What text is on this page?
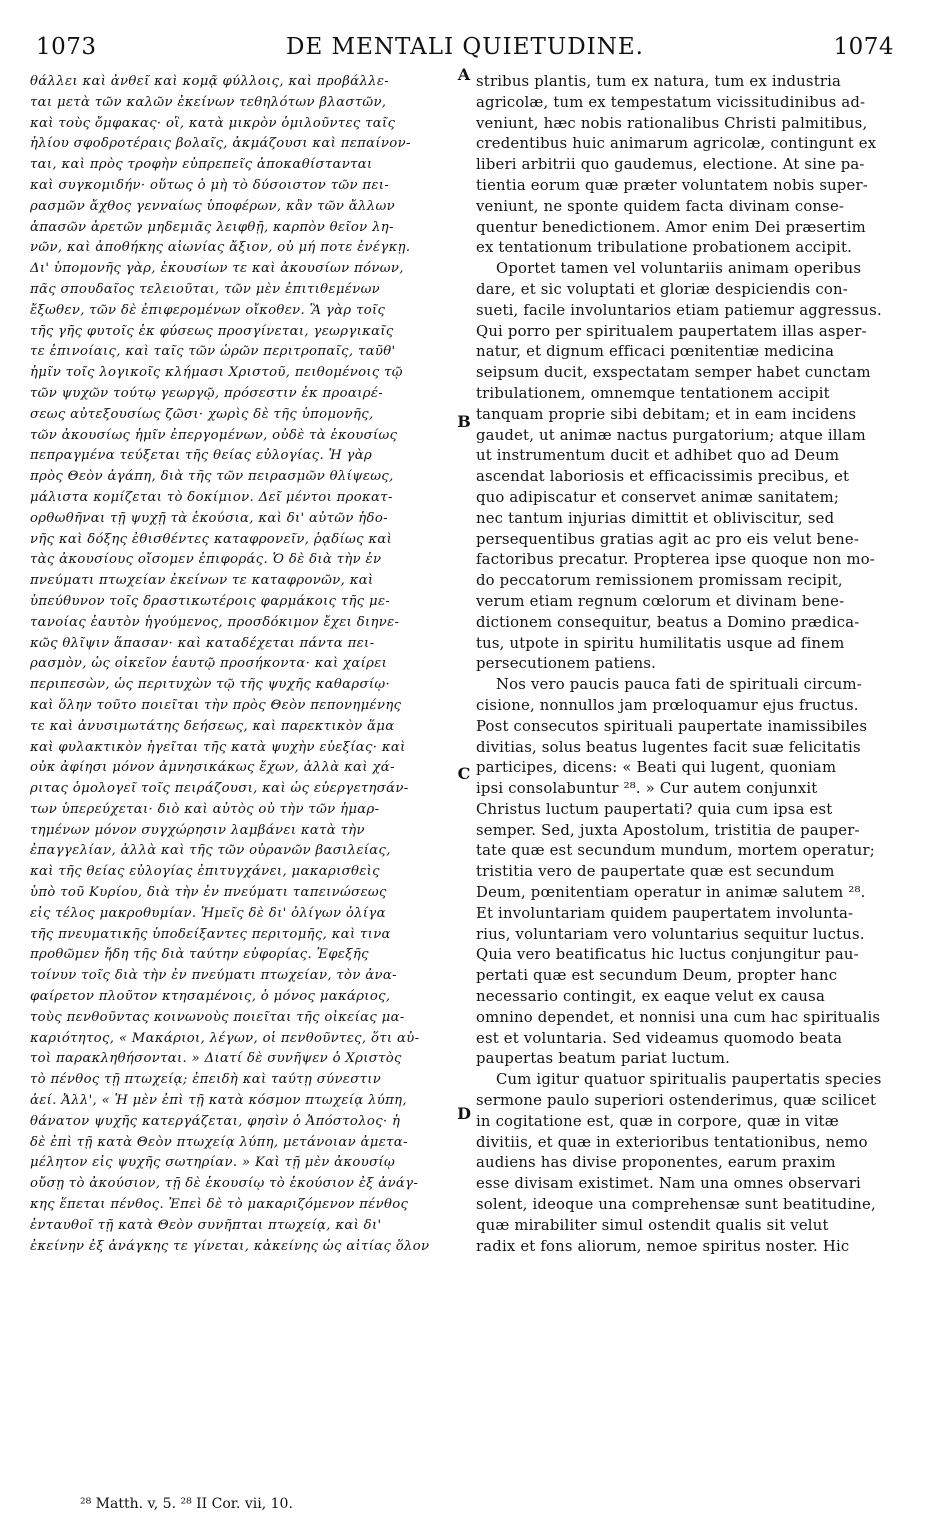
1073	DE MENTALI QUIETUDINE.	1074
θάλλει καὶ ἀνθεῖ καὶ κομᾷ φύλλοις, καὶ προβάλλε-
ται μετὰ τῶν καλῶν ἐκείνων τεθηλότων βλαστῶν,
καὶ τοὺς ὄμφακας· οἳ, κατὰ μικρὸν ὁμιλοῦντες ταῖς
ἡλίου σφοδροτέραις βολαῖς, ἀκμάζουσι καὶ πεπαίνον-
ται, καὶ πρὸς τροφὴν εὐπρεπεῖς ἀποκαθίστανται
καὶ συγκομιδήν· οὕτως ὁ μὴ τὸ δύσοιστον τῶν πει-
ρασμῶν ἄχθος γενναίως ὑποφέρων, κἂν τῶν ἄλλων
ἁπασῶν ἀρετῶν μηδεμιᾶς λειφθῇ, καρπὸν θεῖον λη-
νῶν, καὶ ἀποθήκης αἰωνίας ἄξιον, οὐ μή ποτε ἐνέγκῃ.
Δι' ὑπομονῆς γὰρ, ἑκουσίων τε καὶ ἀκουσίων πόνων,
πᾶς σπουδαῖος τελειοῦται, τῶν μὲν ἐπιτιθεμένων
ἔξωθεν, τῶν δὲ ἐπιφερομένων οἴκοθεν. Ἃ γὰρ τοῖς
τῆς γῆς φυτοῖς ἐκ φύσεως προσγίνεται, γεωργικαῖς
τε ἐπινοίαις, καὶ ταῖς τῶν ὡρῶν περιτροπαῖς, ταῦθ'
ἡμῖν τοῖς λογικοῖς κλήμασι Χριστοῦ, πειθομένοις τῷ
τῶν ψυχῶν τούτῳ γεωργῷ, πρόσεστιν ἐκ προαιρέ-
σεως αὐτεξουσίως ζῶσι· χωρὶς δὲ τῆς ὑπομονῆς,
τῶν ἀκουσίως ἡμῖν ἐπεργομένων, οὐδὲ τὰ ἑκουσίως
πεπραγμένα τεύξεται τῆς θείας εὐλογίας. Ἡ γὰρ
πρὸς Θεὸν ἀγάπη, διὰ τῆς τῶν πειρασμῶν θλίψεως,
μάλιστα κομίζεται τὸ δοκίμιον. Δεῖ μέντοι προκατ-
ορθωθῆναι τῇ ψυχῇ τὰ ἑκούσια, καὶ δι' αὐτῶν ἡδο-
νῆς καὶ δόξης ἐθισθέντες καταφρονεῖν, ῥᾳδίως καὶ
τὰς ἀκουσίους οἴσομεν ἐπιφοράς. Ὁ δὲ διὰ τὴν ἐν
πνεύματι πτωχείαν ἐκείνων τε καταφρονῶν, καὶ
ὑπεύθυνον τοῖς δραστικωτέροις φαρμάκοις τῆς με-
τανοίας ἑαυτὸν ἡγούμενος, προσδόκιμον ἔχει διηνε-
κῶς θλῖψιν ἅπασαν· καὶ καταδέχεται πάντα πει-
ρασμὸν, ὡς οἰκεῖον ἑαυτῷ προσήκοντα· καὶ χαίρει
περιπεσὼν, ὡς περιτυχὼν τῷ τῆς ψυχῆς καθαρσίῳ·
καὶ ὅλην τοῦτο ποιεῖται τὴν πρὸς Θεὸν πεπονημένης
τε καὶ ἀνυσιμωτάτης δεήσεως, καὶ παρεκτικὸν ἅμα
καὶ φυλακτικὸν ἡγεῖται τῆς κατὰ ψυχὴν εὐεξίας· καὶ
οὐκ ἀφίησι μόνον ἀμνησικάκως ἔχων, ἀλλὰ καὶ χά-
ριτας ὁμολογεῖ τοῖς πειράζουσι, καὶ ὡς εὐεργετησάν-
των ὑπερεύχεται· διὸ καὶ αὐτὸς οὐ τὴν τῶν ἡμαρ-
τημένων μόνον συγχώρησιν λαμβάνει κατὰ τὴν
ἐπαγγελίαν, ἀλλὰ καὶ τῆς τῶν οὐρανῶν βασιλείας,
καὶ τῆς θείας εὐλογίας ἐπιτυγχάνει, μακαρισθεὶς
ὑπὸ τοῦ Κυρίου, διὰ τὴν ἐν πνεύματι ταπεινώσεως
εἰς τέλος μακροθυμίαν. Ἡμεῖς δὲ δι' ὀλίγων ὀλίγα
τῆς πνευματικῆς ὑποδείξαντες περιτομῆς, καὶ τινα
προθῶμεν ἤδη τῆς διὰ ταύτην εὐφορίας. Ἐφεξῆς
τοίνυν τοῖς διὰ τὴν ἐν πνεύματι πτωχείαν, τὸν ἀνα-
φαίρετον πλοῦτον κτησαμένοις, ὁ μόνος μακάριος,
τοὺς πενθοῦντας κοινωνοὺς ποιεῖται τῆς οἰκείας μα-
καριότητος, « Μακάριοι, λέγων, οἱ πενθοῦντες, ὅτι αὐ-
τοὶ παρακληθήσονται. » Διατί δὲ συνῆψεν ὁ Χριστὸς
τὸ πένθος τῇ πτωχείᾳ; ἐπειδὴ καὶ ταύτῃ σύνεστιν
ἀεί. Ἀλλ', « Ἡ μὲν ἐπὶ τῇ κατὰ κόσμον πτωχείᾳ λύπη,
θάνατον ψυχῆς κατεργάζεται, φησὶν ὁ Ἀπόστολος· ἡ
δὲ ἐπὶ τῇ κατὰ Θεὸν πτωχείᾳ λύπη, μετάνοιαν ἀμετα-
μέλητον εἰς ψυχῆς σωτηρίαν. » Καὶ τῇ μὲν ἀκουσίῳ
οὔσῃ τὸ ἀκούσιον, τῇ δὲ ἑκουσίῳ τὸ ἑκούσιον ἐξ ἀνάγ-
κης ἕπεται πένθος. Ἐπεὶ δὲ τὸ μακαριζόμενον πένθος
ἐνταυθοῖ τῇ κατὰ Θεὸν συνῆπται πτωχείᾳ, καὶ δι'
ἐκείνην ἐξ ἀνάγκης τε γίνεται, κἀκείνης ὡς αἰτίας ὅλον
stribus plantis, tum ex natura, tum ex industria
agricolæ, tum ex tempestatum vicissitudinibus ad-
veniunt, hæc nobis rationalibus Christi palmitibus,
credentibus huic animarum agricolæ, contingunt ex
liberi arbitrii quo gaudemus, electione. At sine pa-
tientia eorum quæ præter voluntatem nobis super-
veniunt, ne sponte quidem facta divinam conse-
quentur benedictionem. Amor enim Dei præsertim
ex tentationum tribulatione probationem accipit.
Oportet tamen vel voluntariis animam operibus
dare, et sic voluptati et gloriæ despiciendis con-
sueti, facile involuntarios etiam patiemur aggressus.
Qui porro per spiritualem paupertatem illas asper-
natur, et dignum efficaci pœnitentiæ medicina
seipsum ducit, exspectatam semper habet cunctam
tribulationem, omnemque tentationem accipit
tanquam proprie sibi debitam; et in eam incidens
gaudet, ut animæ nactus purgatorium; atque illam
ut instrumentum ducit et adhibet quo ad Deum
ascendat laboriosis et efficacissimis precibus, et
quo adipiscatur et conservet animæ sanitatem;
nec tantum injurias dimittit et obliviscitur, sed
persequentibus gratias agit ac pro eis velut bene-
factoribus precatur. Propterea ipse quoque non mo-
do peccatorum remissionem promissam recipit,
verum etiam regnum cœlorum et divinam bene-
dictionem consequitur, beatus a Domino prædica-
tus, utpote in spiritu humilitatis usque ad finem
persecutionem patiens.
Nos vero paucis pauca fati de spirituali circum-
cisione, nonnullos jam prœloquamur ejus fructus.
Post consecutos spirituali paupertate inamissibiles
divitias, solus beatus lugentes facit suæ felicitatis
participes, dicens: « Beati qui lugent, quoniam
ipsi consolabuntur ²⁸. » Cur autem conjunxit
Christus luctum paupertati? quia cum ipsa est
semper. Sed, juxta Apostolum, tristitia de pauper-
tate quæ est secundum mundum, mortem operatur;
tristitia vero de paupertate quæ est secundum
Deum, pœnitentiam operatur in animæ salutem ²⁸.
Et involuntariam quidem paupertatem involunta-
rius, voluntariam vero voluntarius sequitur luctus.
Quia vero beatificatus hic luctus conjungitur pau-
pertati quæ est secundum Deum, propter hanc
necessario contingit, ex eaque velut ex causa
omnino dependet, et nonnisi una cum hac spiritualis
est et voluntaria. Sed videamus quomodo beata
paupertas beatum pariat luctum.
Cum igitur quatuor spiritualis paupertatis species
sermone paulo superiori ostenderimus, quæ scilicet
in cogitatione est, quæ in corpore, quæ in vitæ
divitiis, et quæ in exterioribus tentationibus, nemo
audiens has divise proponentes, earum praxim
esse divisam existimet. Nam una omnes observari
solent, ideoque una comprehensæ sunt beatitudine,
quæ mirabiliter simul ostendit qualis sit velut
radix et fons aliorum, nemoe spiritus noster. Hic
A
B
C
D
²⁸ Matth. v, 5. ²⁸ II Cor. vii, 10.
